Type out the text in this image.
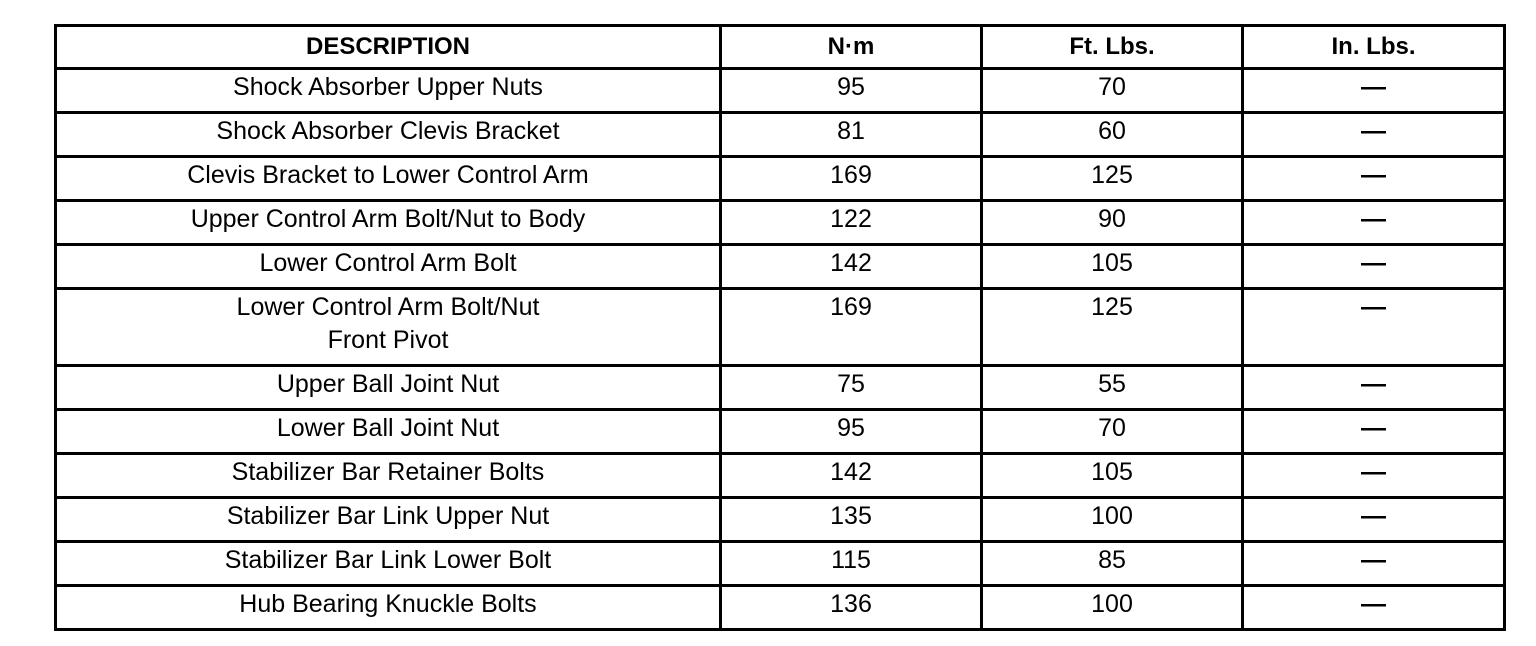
DESCRIPTION	N·m	Ft. Lbs.	In. Lbs.

Shock Absorber Upper Nuts	95	70	—

Shock Absorber Clevis Bracket	81	60	—

Clevis Bracket to Lower Control Arm	169	125	—

Upper Control Arm Bolt/Nut to Body	122	90	—

Lower Control Arm Bolt	142	105	—

Lower Control Arm Bolt/Nut
Front Pivot	169	125	—

Upper Ball Joint Nut	75	55	—

Lower Ball Joint Nut	95	70	—

Stabilizer Bar Retainer Bolts	142	105	—

Stabilizer Bar Link Upper Nut	135	100	—

Stabilizer Bar Link Lower Bolt	115	85	—

Hub Bearing Knuckle Bolts	136	100	—
